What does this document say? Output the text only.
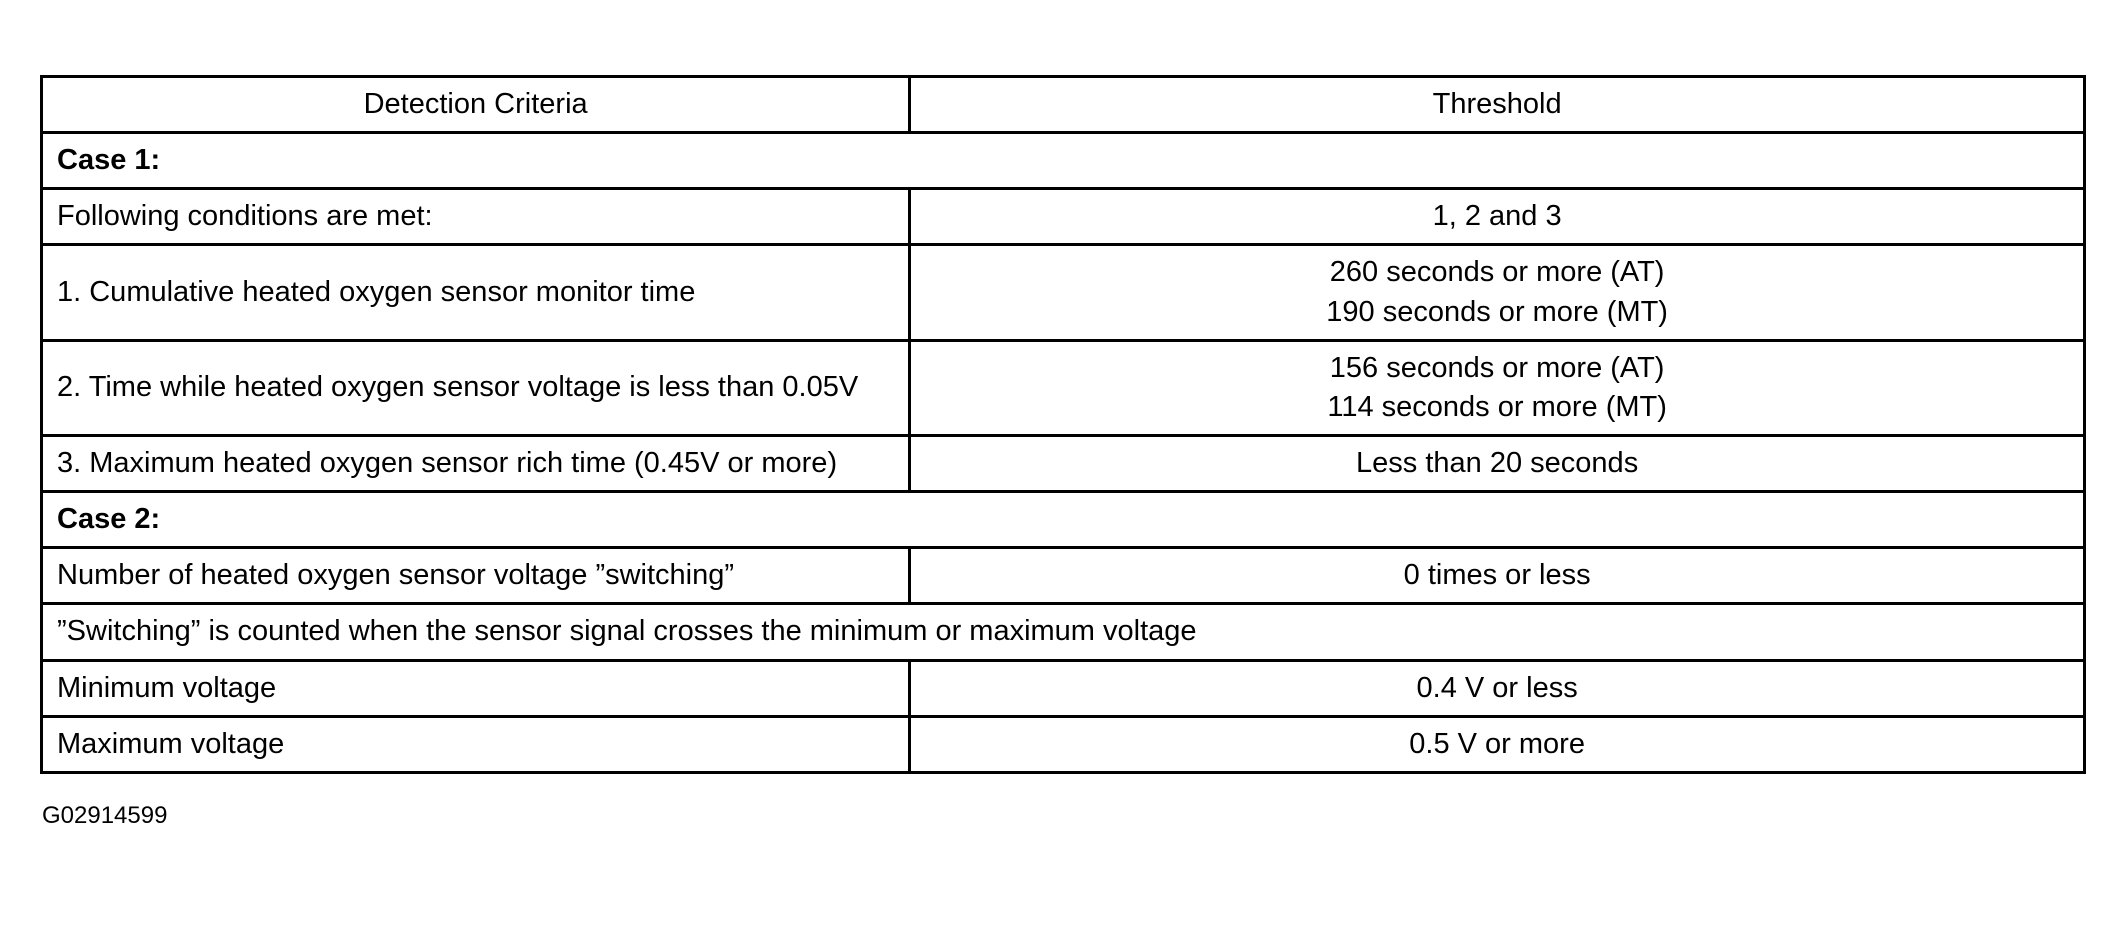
Detection Criteria	Threshold
Case 1:	
Following conditions are met:	1, 2 and 3

1. Cumulative heated oxygen sensor monitor time	260 seconds or more (AT)
190 seconds or more (MT)

2. Time while heated oxygen sensor voltage is less than 0.05V	156 seconds or more (AT)
114 seconds or more (MT)

3. Maximum heated oxygen sensor rich time (0.45V or more)	Less than 20 seconds

Case 2:	
Number of heated oxygen sensor voltage ”switching”	0 times or less

”Switching” is counted when the sensor signal crosses the minimum or maximum voltage	
Minimum voltage	0.4 V or less

Maximum voltage	0.5 V or more
G02914599
